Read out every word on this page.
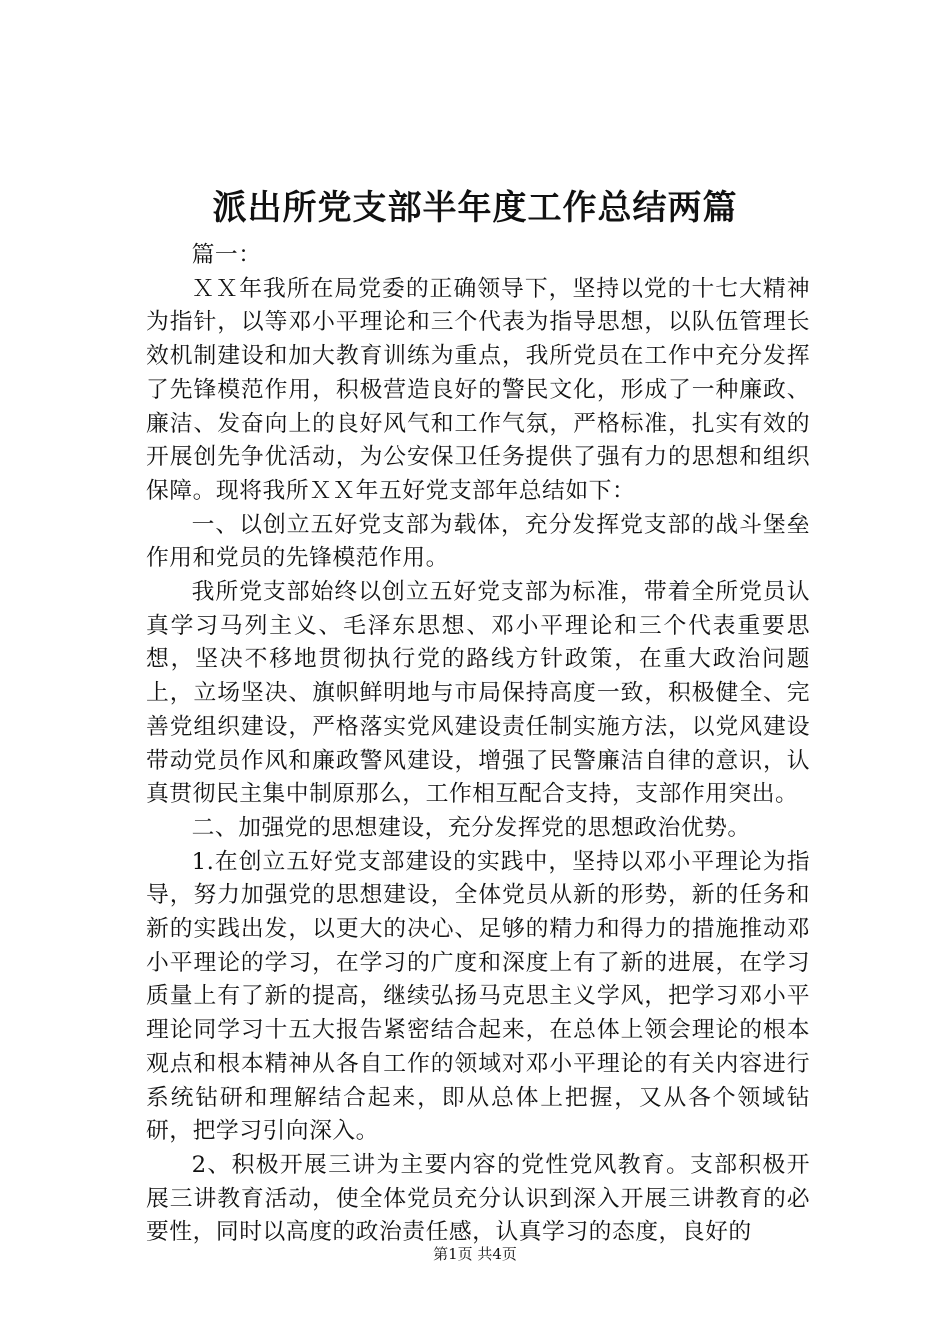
派出所党支部半年度工作总结两篇

篇一：

ＸＸ年我所在局党委的正确领导下，坚持以党的十七大精神为指针，以等邓小平理论和三个代表为指导思想，以队伍管理长效机制建设和加大教育训练为重点，我所党员在工作中充分发挥了先锋模范作用，积极营造良好的警民文化，形成了一种廉政、廉洁、发奋向上的良好风气和工作气氛，严格标准，扎实有效的开展创先争优活动，为公安保卫任务提供了强有力的思想和组织保障。现将我所ＸＸ年五好党支部年总结如下：

一、以创立五好党支部为载体，充分发挥党支部的战斗堡垒作用和党员的先锋模范作用。

我所党支部始终以创立五好党支部为标准，带着全所党员认真学习马列主义、毛泽东思想、邓小平理论和三个代表重要思想，坚决不移地贯彻执行党的路线方针政策，在重大政治问题上，立场坚决、旗帜鲜明地与市局保持高度一致，积极健全、完善党组织建设，严格落实党风建设责任制实施方法，以党风建设带动党员作风和廉政警风建设，增强了民警廉洁自律的意识，认真贯彻民主集中制原那么，工作相互配合支持，支部作用突出。

二、加强党的思想建设，充分发挥党的思想政治优势。

1.在创立五好党支部建设的实践中，坚持以邓小平理论为指导，努力加强党的思想建设，全体党员从新的形势，新的任务和新的实践出发，以更大的决心、足够的精力和得力的措施推动邓小平理论的学习，在学习的广度和深度上有了新的进展，在学习质量上有了新的提高，继续弘扬马克思主义学风，把学习邓小平理论同学习十五大报告紧密结合起来，在总体上领会理论的根本观点和根本精神从各自工作的领域对邓小平理论的有关内容进行系统钻研和理解结合起来，即从总体上把握，又从各个领域钻研，把学习引向深入。

2、积极开展三讲为主要内容的党性党风教育。支部积极开展三讲教育活动，使全体党员充分认识到深入开展三讲教育的必要性，同时以高度的政治责任感，认真学习的态度，良好的

第1页 共4页
